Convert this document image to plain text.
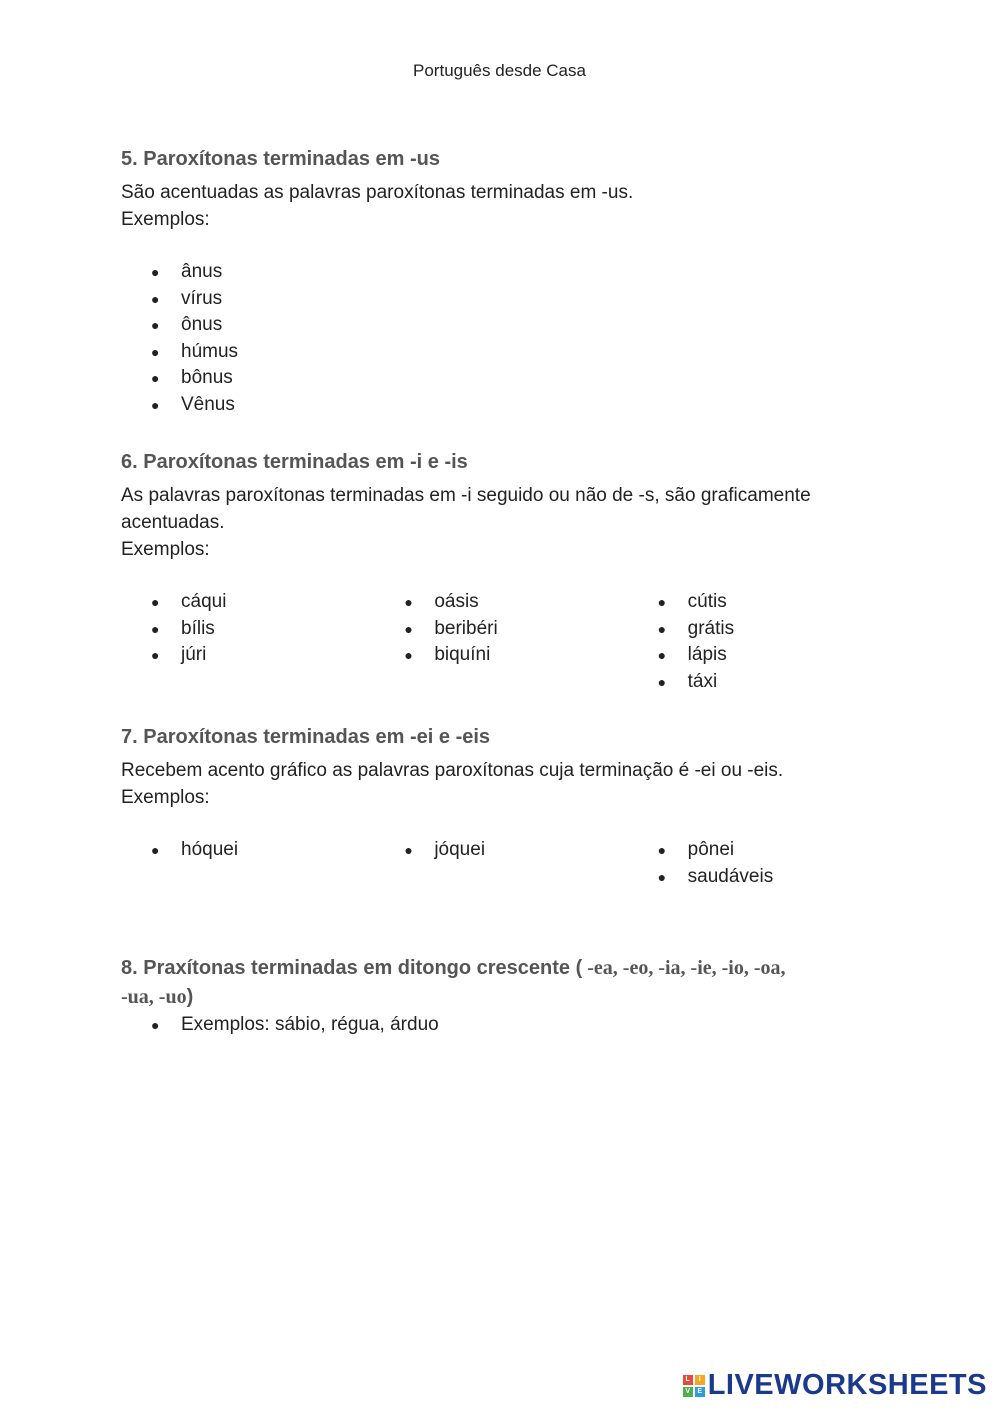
Português desde Casa
5. Paroxítonas terminadas em -us

São acentuadas as palavras paroxítonas terminadas em -us.

Exemplos:

● ânus
● vírus
● ônus
● húmus
● bônus
● Vênus
6. Paroxítonas terminadas em -i e -is

As palavras paroxítonas terminadas em -i seguido ou não de -s, são graficamente

acentuadas.

Exemplos:

● cáqui
● bílis
● júri
● oásis
● beribéri
● biquíni
● cútis
● grátis
● lápis
● táxi
7. Paroxítonas terminadas em -ei e -eis

Recebem acento gráfico as palavras paroxítonas cuja terminação é -ei ou -eis.

Exemplos:

● hóquei	● jóquei	● pônei
● saudáveis
8. Praxítonas terminadas em ditongo crescente ( -ea, -eo, -ia, -ie, -io, -oa,
-ua, -uo)
● Exemplos: sábio, régua, árduo
L	I
V	E LIVEWORKSHEETS
